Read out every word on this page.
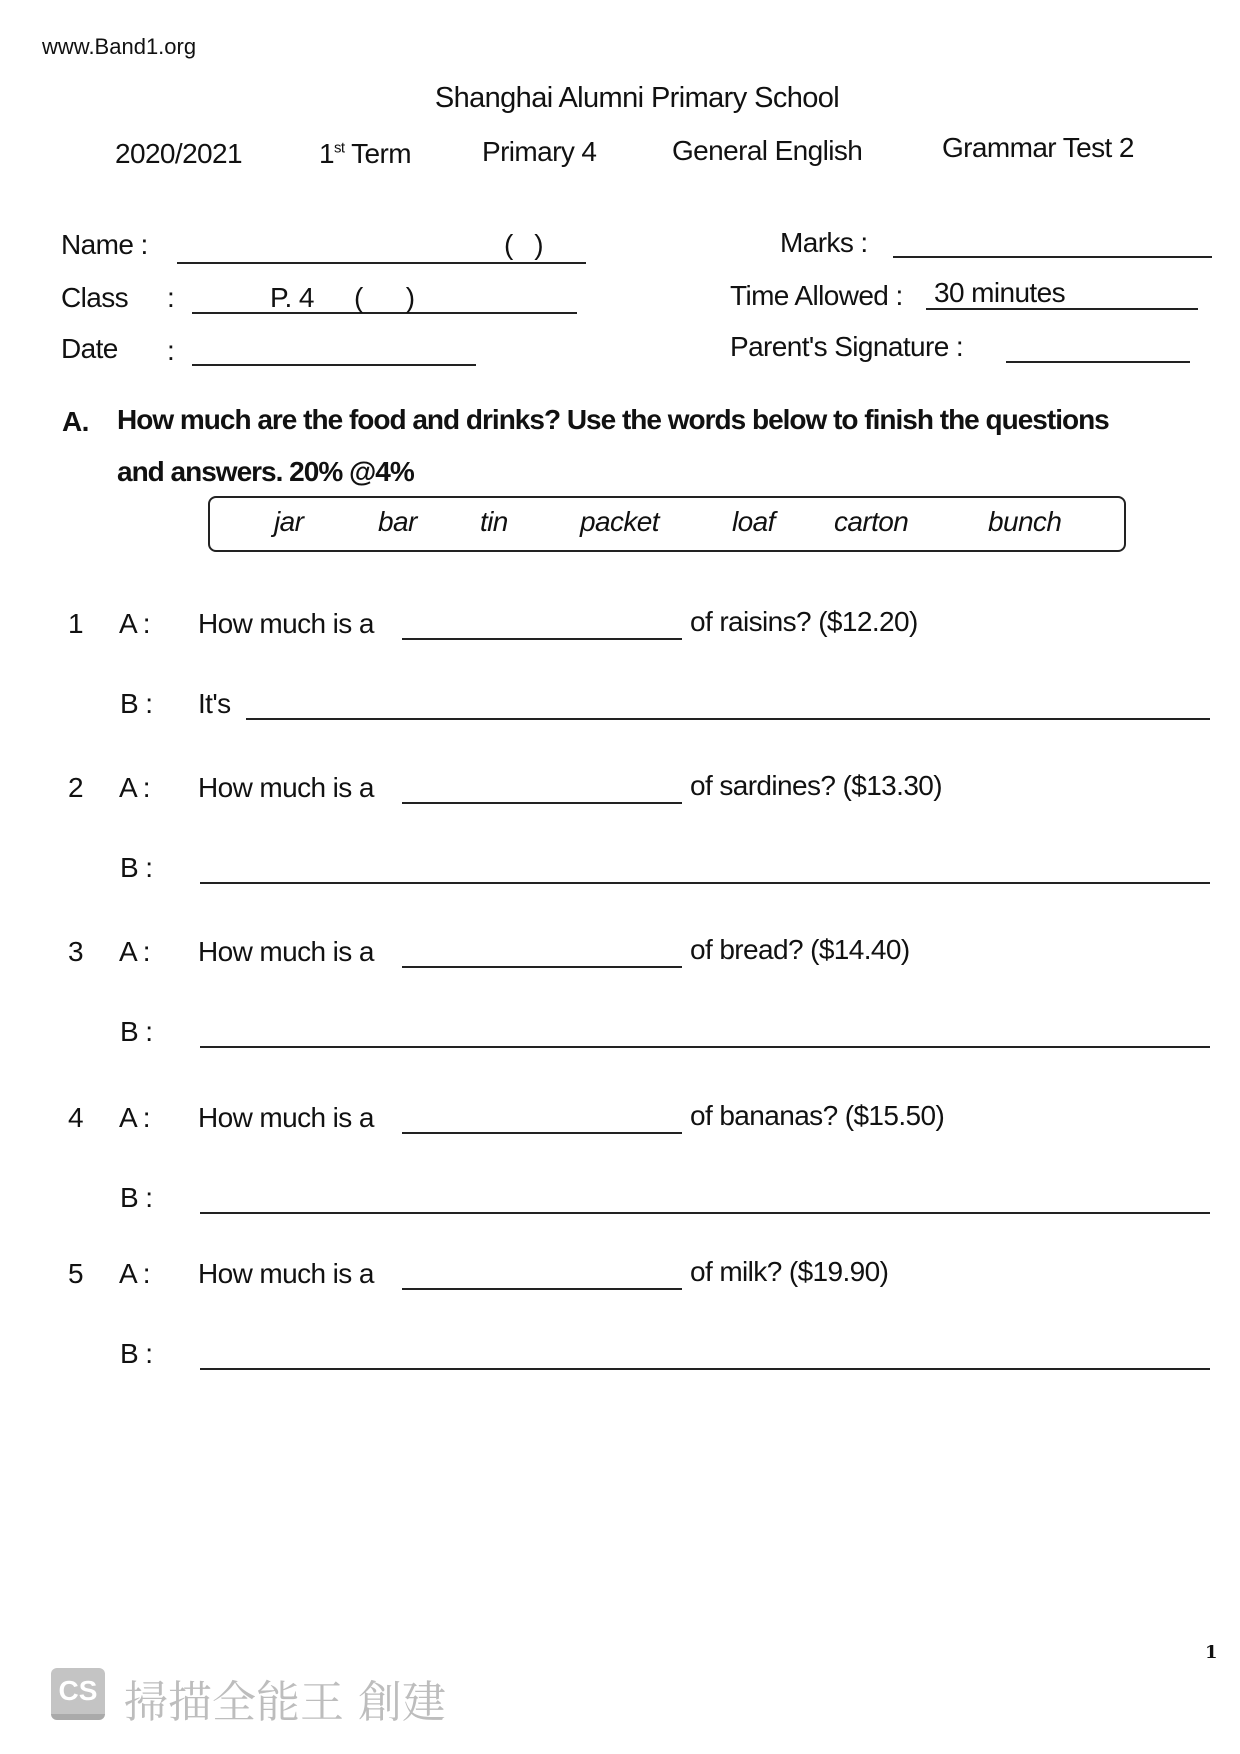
www.Band1.org
Shanghai Alumni Primary School
2020/2021	1st Term	Primary 4	General English	Grammar Test 2
Name :	(   )	Marks :
Class :	P. 4 (      )	Time Allowed : 30 minutes
Date :	Parent's Signature :
A. How much are the food and drinks? Use the words below to finish the questions
and answers. 20% @4%
jar	bar tin	packet	loaf carton	bunch
1 A : How much is a	of raisins? ($12.20)
B : It's
2 A : How much is a	of sardines? ($13.30)
B :
3 A : How much is a	of bread? ($14.40)
B :
4 A : How much is a	of bananas? ($15.50)
B :
5 A : How much is a	of milk? ($19.90)
B :
1
CS 掃描全能王 創建
